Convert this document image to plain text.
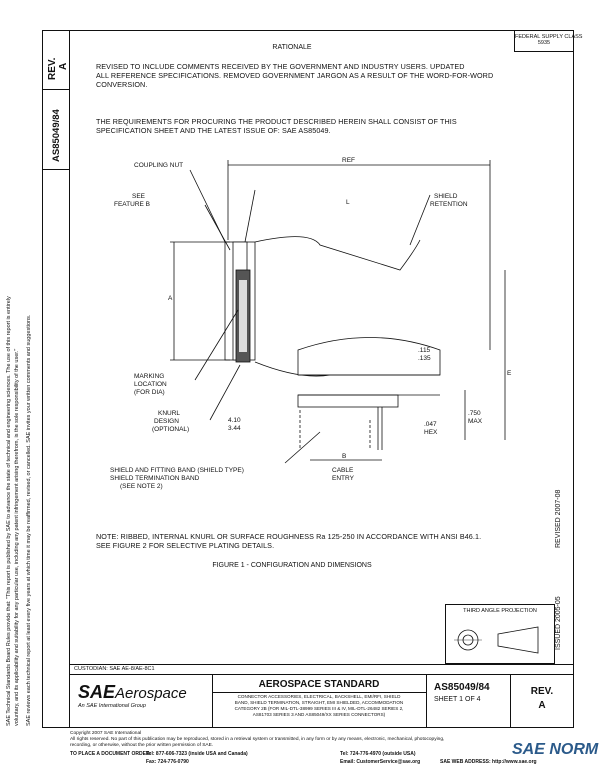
REV. A
AS85049/84
SAE Technical Standards Board Rules provide that: "This report is published by SAE to advance the state of technical and engineering sciences. The use of this report is entirely voluntary, and its applicability and suitability for any particular use, including any patent infringement arising therefrom, is the sole responsibility of the user." SAE reviews each technical report at least every five years at which time it may be reaffirmed, revised, or cancelled. SAE invites your written comments and suggestions.	REVISED 2007-08
ISSUED 2005-05
FEDERAL SUPPLY CLASS
5935
RATIONALE
REVISED TO INCLUDE COMMENTS RECEIVED BY THE GOVERNMENT AND INDUSTRY USERS. UPDATED
ALL REFERENCE SPECIFICATIONS. REMOVED GOVERNMENT JARGON AS A RESULT OF THE WORD-FOR-WORD
CONVERSION.
THE REQUIREMENTS FOR PROCURING THE PRODUCT DESCRIBED HEREIN SHALL CONSIST OF THIS
SPECIFICATION SHEET AND THE LATEST ISSUE OF: SAE AS85049.
COUPLING NUT
REF
SEE
FEATURE B	L
SHIELD
RETENTION
A
E
MARKING
LOCATION
(FOR DIA)
KNURL
DESIGN
(OPTIONAL)
4.10
3.44
.115
.135
.047
HEX
.750
MAX
B
CABLE
ENTRY
SHIELD AND FITTING BAND (SHIELD TYPE)
SHIELD TERMINATION BAND
(SEE NOTE 2)
NOTE: RIBBED, INTERNAL KNURL OR SURFACE ROUGHNESS Ra 125-250 IN ACCORDANCE WITH ANSI B46.1.
SEE FIGURE 2 FOR SELECTIVE PLATING DETAILS.
FIGURE 1 - CONFIGURATION AND DIMENSIONS
THIRD ANGLE PROJECTION
CUSTODIAN: SAE AE-8/AE-8C1
SAEAerospace
An SAE International Group
AEROSPACE STANDARD
CONNECTOR ACCESSORIES, ELECTRICAL, BACKSHELL, EMI/RFI, SHIELD
BAND, SHIELD TERMINATION, STRAIGHT, EMI SHIELDED, ACCOMMODATION
CATEGORY 2B (FOR MIL-DTL-38999 SERIES III & IV, MIL-DTL-26482 SERIES 2,
AS81703 SERIES 3 AND AS85049/XX SERIES CONNECTORS)
AS85049/84
SHEET 1 OF 4
REV.
A
Copyright 2007 SAE International
All rights reserved. No part of this publication may be reproduced, stored in a retrieval system or transmitted, in any form or by any means, electronic, mechanical, photocopying,
recording, or otherwise, without the prior written permission of SAE.
TO PLACE A DOCUMENT ORDER:
Tel: 877-606-7323 (inside USA and Canada)	Tel: 724-776-4970 (outside USA)
Fax: 724-776-0790	Email: CustomerService@sae.org	SAE WEB ADDRESS: http://www.sae.org
SAE NORM
